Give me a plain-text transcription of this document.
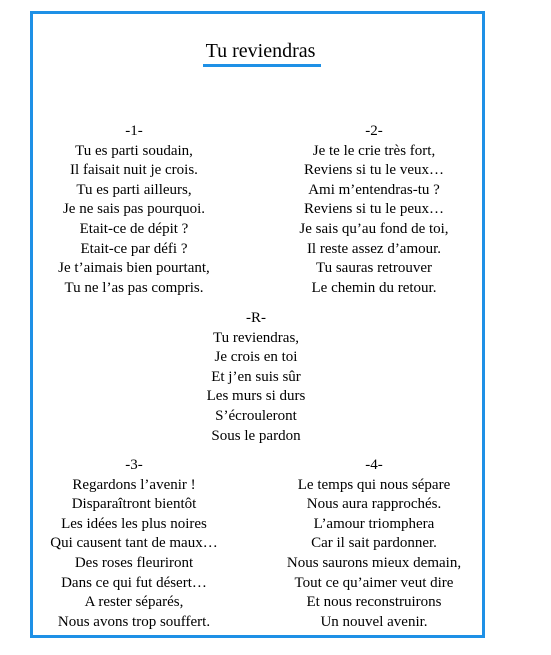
Tu reviendras
-1-
Tu es parti soudain,
Il faisait nuit je crois.
Tu es parti ailleurs,
Je ne sais pas pourquoi.
Etait-ce de dépit ?
Etait-ce par défi ?
Je t’aimais bien pourtant,
Tu ne l’as pas compris.
-2-
Je te le crie très fort,
Reviens si tu le veux…
Ami m’entendras-tu ?
Reviens si tu le peux…
Je sais qu’au fond de toi,
Il reste assez d’amour.
Tu sauras retrouver
Le chemin du retour.
-R-
Tu reviendras,
Je crois en toi
Et j’en suis sûr
Les murs si durs
S’écrouleront
Sous le pardon
-3-
Regardons l’avenir !
Disparaîtront bientôt
Les idées les plus noires
Qui causent tant de maux…
Des roses fleuriront
Dans ce qui fut désert…
A rester séparés,
Nous avons trop souffert.
-4-
Le temps qui nous sépare
Nous aura rapprochés.
L’amour triomphera
Car il sait pardonner.
Nous saurons mieux demain,
Tout ce qu’aimer veut dire
Et nous reconstruirons
Un nouvel avenir.
